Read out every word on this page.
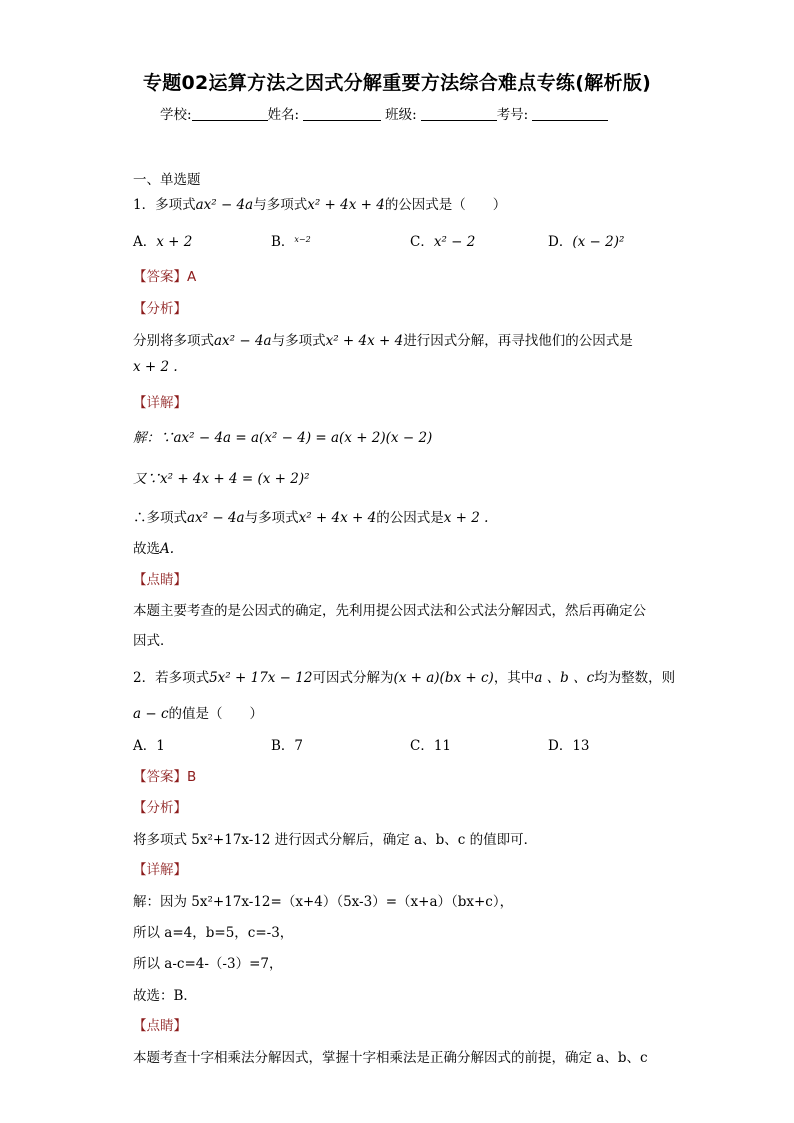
专题02运算方法之因式分解重要方法综合难点专练(解析版)
学校:	姓名:	班级:	考号:
一、单选题
1．多项式ax² − 4a与多项式x² + 4x + 4的公因式是（　　）
A．x + 2	B．$^{x-2}$	C．x² − 2	D．(x − 2)²
【答案】A
【分析】
分别将多项式ax² − 4a与多项式x² + 4x + 4进行因式分解，再寻找他们的公因式是
x + 2 .
【详解】
解：∵ax² − 4a = a(x² − 4) = a(x + 2)(x − 2)
又∵x² + 4x + 4 = (x + 2)²
∴多项式ax² − 4a与多项式x² + 4x + 4的公因式是x + 2 .
故选A.
【点睛】
本题主要考查的是公因式的确定，先利用提公因式法和公式法分解因式，然后再确定公
因式．
2．若多项式5x² + 17x − 12可因式分解为(x + a)(bx + c)，其中a 、b 、c均为整数，则
a − c的值是（　　）
A．1	B．7	C．11	D．13
【答案】B
【分析】
将多项式 5x²+17x-12 进行因式分解后，确定 a、b、c 的值即可．
【详解】
解：因为 5x²+17x-12=（x+4）（5x-3）=（x+a）（bx+c），
所以 a=4，b=5，c=-3，
所以 a-c=4-（-3）=7，
故选：B．
【点睛】
本题考查十字相乘法分解因式，掌握十字相乘法是正确分解因式的前提，确定 a、b、c
